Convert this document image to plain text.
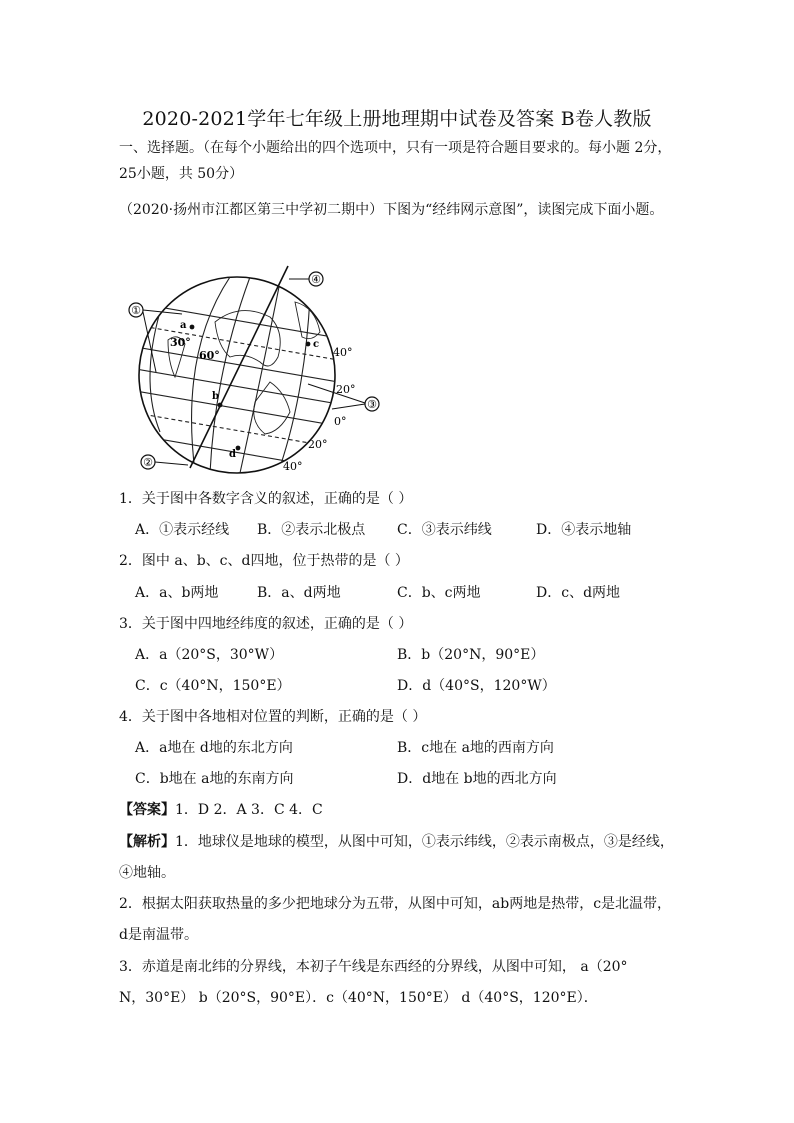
2020-2021学年七年级上册地理期中试卷及答案 B卷人教版
一、选择题。（在每个小题给出的四个选项中，只有一项是符合题目要求的。每小题 2分，
25小题，共 50分）
（2020·扬州市江都区第三中学初二期中）下图为“经纬网示意图”，读图完成下面小题。
④
①
②
③
a
b
c
d
30°
60°	40°
20°
0°
20°
40°
1．关于图中各数字含义的叙述，正确的是（ ）
A．①表示经线 B．②表示北极点 C．③表示纬线	D．④表示地轴
2．图中 a、b、c、d四地，位于热带的是（ ）
A．a、b两地	B．a、d两地	C．b、c两地	D．c、d两地
3．关于图中四地经纬度的叙述，正确的是（ ）
A．a（20°S，30°W）	B．b（20°N，90°E）
C．c（40°N，150°E）	D．d（40°S，120°W）
4．关于图中各地相对位置的判断，正确的是（ ）
A．a地在 d地的东北方向	B．c地在 a地的西南方向
C．b地在 a地的东南方向	D．d地在 b地的西北方向
【答案】1．D 2．A 3．C 4．C
【解析】1．地球仪是地球的模型，从图中可知，①表示纬线，②表示南极点，③是经线，
④地轴。
2．根据太阳获取热量的多少把地球分为五带，从图中可知，ab两地是热带，c是北温带，
d是南温带。
3．赤道是南北纬的分界线，本初子午线是东西经的分界线，从图中可知， a（20°
N，30°E） b（20°S，90°E）．c（40°N，150°E） d（40°S，120°E）．
